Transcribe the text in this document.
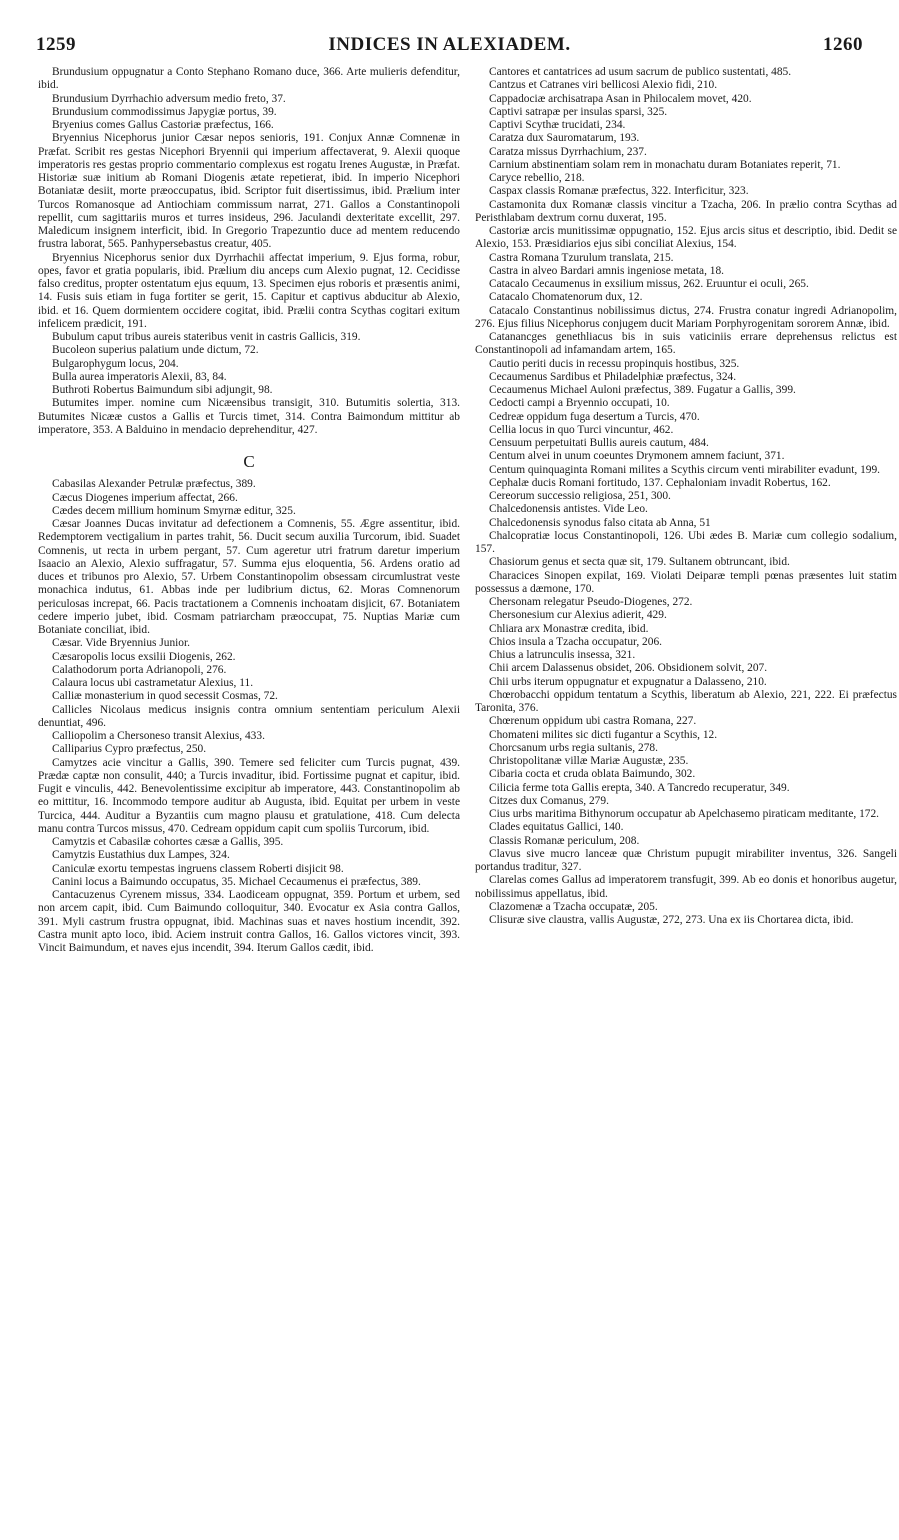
1259	INDICES IN ALEXIADEM.	1260

Brundusium oppugnatur a Conto Stephano Romano duce, 366. Arte mulieris defenditur, ibid.

Brundusium Dyrrhachio adversum medio freto, 37.

Brundusium commodissimus Japygiæ portus, 39.

Bryenius comes Gallus Castoriæ præfectus, 166.

Bryennius Nicephorus junior Cæsar nepos senioris, 191. Conjux Annæ Comnenæ in Præfat. Scribit res gestas Nicephori Bryennii qui imperium affectaverat, 9. Alexii quoque imperatoris res gestas proprio commentario complexus est rogatu Irenes Augustæ, in Præfat. Historiæ suæ initium ab Romani Diogenis ætate repetierat, ibid. In imperio Nicephori Botaniatæ desiit, morte præoccupatus, ibid. Scriptor fuit disertissimus, ibid. Prælium inter Turcos Romanosque ad Antiochiam commissum narrat, 271. Gallos a Constantinopoli repellit, cum sagittariis muros et turres insideus, 296. Jaculandi dexteritate excellit, 297. Maledicum insignem interficit, ibid. In Gregorio Trapezuntio duce ad mentem reducendo frustra laborat, 565. Panhypersebastus creatur, 405.

Bryennius Nicephorus senior dux Dyrrhachii affectat imperium, 9. Ejus forma, robur, opes, favor et gratia popularis, ibid. Prælium diu anceps cum Alexio pugnat, 12. Cecidisse falso creditus, propter ostentatum ejus equum, 13. Specimen ejus roboris et præsentis animi, 14. Fusis suis etiam in fuga fortiter se gerit, 15. Capitur et captivus abducitur ab Alexio, ibid. et 16. Quem dormientem occidere cogitat, ibid. Prælii contra Scythas cogitari exitum infelicem prædicit, 191.

Bubulum caput tribus aureis stateribus venit in castris Gallicis, 319.

Bucoleon superius palatium unde dictum, 72.

Bulgarophygum locus, 204.

Bulla aurea imperatoris Alexii, 83, 84.

Buthroti Robertus Baimundum sibi adjungit, 98.

Butumites imper. nomine cum Nicæensibus transigit, 310. Butumitis solertia, 313. Butumites Nicææ custos a Gallis et Turcis timet, 314. Contra Baimondum mittitur ab imperatore, 353. A Balduino in mendacio deprehenditur, 427.

C

Cabasilas Alexander Petrulæ præfectus, 389.

Cæcus Diogenes imperium affectat, 266.

Cædes decem millium hominum Smyrnæ editur, 325.

Cæsar Joannes Ducas invitatur ad defectionem a Comnenis, 55. Ægre assentitur, ibid. Redemptorem vectigalium in partes trahit, 56. Ducit secum auxilia Turcorum, ibid. Suadet Comnenis, ut recta in urbem pergant, 57. Cum ageretur utri fratrum daretur imperium Isaacio an Alexio, Alexio suffragatur, 57. Summa ejus eloquentia, 56. Ardens oratio ad duces et tribunos pro Alexio, 57. Urbem Constantinopolim obsessam circumlustrat veste monachica indutus, 61. Abbas inde per ludibrium dictus, 62. Moras Comnenorum periculosas increpat, 66. Pacis tractationem a Comnenis inchoatam disjicit, 67. Botaniatem cedere imperio jubet, ibid. Cosmam patriarcham præoccupat, 75. Nuptias Mariæ cum Botaniate conciliat, ibid.

Cæsar. Vide Bryennius Junior.

Cæsaropolis locus exsilii Diogenis, 262.

Calathodorum porta Adrianopoli, 276.

Calaura locus ubi castrametatur Alexius, 11.

Calliæ monasterium in quod secessit Cosmas, 72.

Callicles Nicolaus medicus insignis contra omnium sententiam periculum Alexii denuntiat, 496.

Calliopolim a Chersoneso transit Alexius, 433.

Calliparius Cypro præfectus, 250.

Camytzes acie vincitur a Gallis, 390. Temere sed feliciter cum Turcis pugnat, 439. Prædæ captæ non consulit, 440; a Turcis invaditur, ibid. Fortissime pugnat et capitur, ibid. Fugit e vinculis, 442. Benevolentissime excipitur ab imperatore, 443. Constantinopolim ab eo mittitur, 16. Incommodo tempore auditur ab Augusta, ibid. Equitat per urbem in veste Turcica, 444. Auditur a Byzantiis cum magno plausu et gratulatione, 418. Cum delecta manu contra Turcos missus, 470. Cedream oppidum capit cum spoliis Turcorum, ibid.

Camytzis et Cabasilæ cohortes cæsæ a Gallis, 395.

Camytzis Eustathius dux Lampes, 324.

Caniculæ exortu tempestas ingruens classem Roberti disjicit 98.

Canini locus a Baimundo occupatus, 35. Michael Cecaumenus ei præfectus, 389.

Cantacuzenus Cyrenem missus, 334. Laodiceam oppugnat, 359. Portum et urbem, sed non arcem capit, ibid. Cum Baimundo colloquitur, 340. Evocatur ex Asia contra Gallos, 391. Myli castrum frustra oppugnat, ibid. Machinas suas et naves hostium incendit, 392. Castra munit apto loco, ibid. Aciem instruit contra Gallos, 16. Gallos victores vincit, 393. Vincit Baimundum, et naves ejus incendit, 394. Iterum Gallos cædit, ibid.

Cantores et cantatrices ad usum sacrum de publico sustentati, 485.

Cantzus et Catranes viri bellicosi Alexio fidi, 210.

Cappadociæ archisatrapa Asan in Philocalem movet, 420.

Captivi satrapæ per insulas sparsi, 325.

Captivi Scythæ trucidati, 234.

Caratza dux Sauromatarum, 193.

Caratza missus Dyrrhachium, 237.

Carnium abstinentiam solam rem in monachatu duram Botaniates reperit, 71.

Caryce rebellio, 218.

Caspax classis Romanæ præfectus, 322. Interficitur, 323.

Castamonita dux Romanæ classis vincitur a Tzacha, 206. In prælio contra Scythas ad Peristhlabam dextrum cornu duxerat, 195.

Castoriæ arcis munitissimæ oppugnatio, 152. Ejus arcis situs et descriptio, ibid. Dedit se Alexio, 153. Præsidiarios ejus sibi conciliat Alexius, 154.

Castra Romana Tzurulum translata, 215.

Castra in alveo Bardari amnis ingeniose metata, 18.

Catacalo Cecaumenus in exsilium missus, 262. Eruuntur ei oculi, 265.

Catacalo Chomatenorum dux, 12.

Catacalo Constantinus nobilissimus dictus, 274. Frustra conatur ingredi Adrianopolim, 276. Ejus filius Nicephorus conjugem ducit Mariam Porphyrogenitam sororem Annæ, ibid.

Catanancges genethliacus bis in suis vaticiniis errare deprehensus relictus est Constantinopoli ad infamandam artem, 165.

Cautio periti ducis in recessu propinquis hostibus, 325.

Cecaumenus Sardibus et Philadelphiæ præfectus, 324.

Cecaumenus Michael Auloni præfectus, 389. Fugatur a Gallis, 399.

Cedocti campi a Bryennio occupati, 10.

Cedreæ oppidum fuga desertum a Turcis, 470.

Cellia locus in quo Turci vincuntur, 462.

Censuum perpetuitati Bullis aureis cautum, 484.

Centum alvei in unum coeuntes Drymonem amnem faciunt, 371.

Centum quinquaginta Romani milites a Scythis circum venti mirabiliter evadunt, 199.

Cephalæ ducis Romani fortitudo, 137. Cephaloniam invadit Robertus, 162.

Cereorum successio religiosa, 251, 300.

Chalcedonensis antistes. Vide Leo.

Chalcedonensis synodus falso citata ab Anna, 51

Chalcopratiæ locus Constantinopoli, 126. Ubi ædes B. Mariæ cum collegio sodalium, 157.

Chasiorum genus et secta quæ sit, 179. Sultanem obtruncant, ibid.

Characices Sinopen expilat, 169. Violati Deiparæ templi pœnas præsentes luit statim possessus a dæmone, 170.

Chersonam relegatur Pseudo-Diogenes, 272.

Chersonesium cur Alexius adierit, 429.

Chliara arx Monastræ credita, ibid.

Chios insula a Tzacha occupatur, 206.

Chius a latrunculis insessa, 321.

Chii arcem Dalassenus obsidet, 206. Obsidionem solvit, 207.

Chii urbs iterum oppugnatur et expugnatur a Dalasseno, 210.

Chœrobacchi oppidum tentatum a Scythis, liberatum ab Alexio, 221, 222. Ei præfectus Taronita, 376.

Chœrenum oppidum ubi castra Romana, 227.

Chomateni milites sic dicti fugantur a Scythis, 12.

Chorcsanum urbs regia sultanis, 278.

Christopolitanæ villæ Mariæ Augustæ, 235.

Cibaria cocta et cruda oblata Baimundo, 302.

Cilicia ferme tota Gallis erepta, 340. A Tancredo recuperatur, 349.

Citzes dux Comanus, 279.

Cius urbs maritima Bithynorum occupatur ab Apelchasemo piraticam meditante, 172.

Clades equitatus Gallici, 140.

Classis Romanæ periculum, 208.

Clavus sive mucro lanceæ quæ Christum pupugit mirabiliter inventus, 326. Sangeli portandus traditur, 327.

Clarelas comes Gallus ad imperatorem transfugit, 399. Ab eo donis et honoribus augetur, nobilissimus appellatus, ibid.

Clazomenæ a Tzacha occupatæ, 205.

Clisuræ sive claustra, vallis Augustæ, 272, 273. Una ex iis Chortarea dicta, ibid.
